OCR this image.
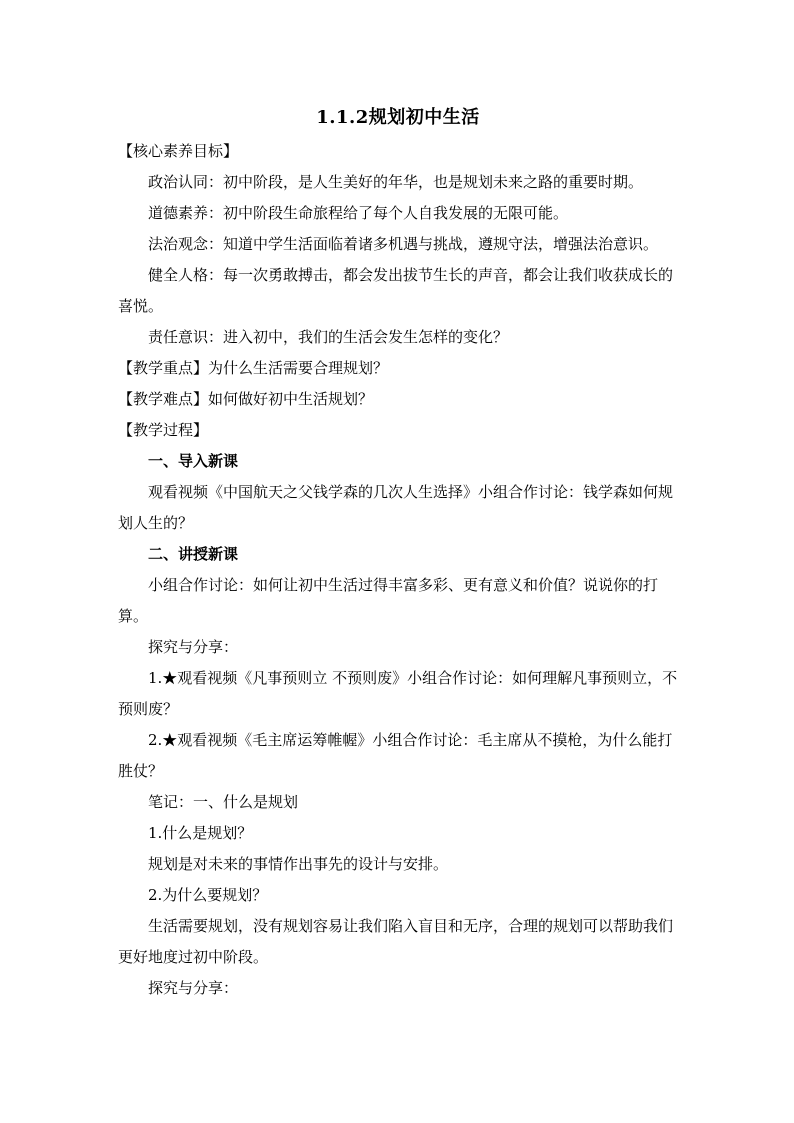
1.1.2规划初中生活

【核心素养目标】

政治认同：初中阶段，是人生美好的年华，也是规划未来之路的重要时期。

道德素养：初中阶段生命旅程给了每个人自我发展的无限可能。

法治观念：知道中学生活面临着诸多机遇与挑战，遵规守法，增强法治意识。

健全人格：每一次勇敢搏击，都会发出拔节生长的声音，都会让我们收获成长的喜悦。

责任意识：进入初中，我们的生活会发生怎样的变化？

【教学重点】为什么生活需要合理规划？

【教学难点】如何做好初中生活规划？

【教学过程】

一、导入新课

观看视频《中国航天之父钱学森的几次人生选择》小组合作讨论：钱学森如何规划人生的？

二、讲授新课

小组合作讨论：如何让初中生活过得丰富多彩、更有意义和价值？说说你的打算。

探究与分享：

1.★观看视频《凡事预则立 不预则废》小组合作讨论：如何理解凡事预则立，不预则废？

2.★观看视频《毛主席运筹帷幄》小组合作讨论：毛主席从不摸枪，为什么能打胜仗？

笔记：一、什么是规划

1.什么是规划？

规划是对未来的事情作出事先的设计与安排。

2.为什么要规划？

生活需要规划，没有规划容易让我们陷入盲目和无序，合理的规划可以帮助我们更好地度过初中阶段。

探究与分享：
